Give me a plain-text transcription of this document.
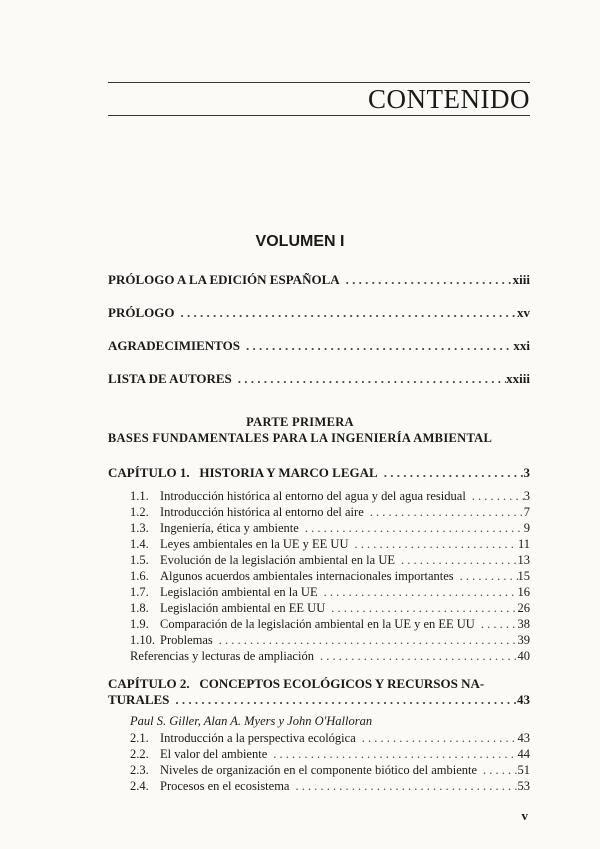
CONTENIDO
VOLUMEN I
PRÓLOGO A LA EDICIÓN ESPAÑOLA . . .	xiii
PRÓLOGO . . .	xv
AGRADECIMIENTOS . . .	xxi
LISTA DE AUTORES . . .	xxiii
PARTE PRIMERA
BASES FUNDAMENTALES PARA LA INGENIERÍA AMBIENTAL
CAPÍTULO 1. HISTORIA Y MARCO LEGAL . . .	3
1.1. Introducción histórica al entorno del agua y del agua residual . . .	3
1.2. Introducción histórica al entorno del aire . . .	7
1.3. Ingeniería, ética y ambiente . . .	9
1.4. Leyes ambientales en la UE y EE UU . . .	11
1.5. Evolución de la legislación ambiental en la UE . . .	13
1.6. Algunos acuerdos ambientales internacionales importantes . . .	15
1.7. Legislación ambiental en la UE . . .	16
1.8. Legislación ambiental en EE UU . . .	26
1.9. Comparación de la legislación ambiental en la UE y en EE UU . . .	38
1.10. Problemas . . .	39
Referencias y lecturas de ampliación . . .	40
CAPÍTULO 2. CONCEPTOS ECOLÓGICOS Y RECURSOS NA-
TURALES . . .	43
Paul S. Giller, Alan A. Myers y John O'Halloran
2.1. Introducción a la perspectiva ecológica . . .	43
2.2. El valor del ambiente . . .	44
2.3. Niveles de organización en el componente biótico del ambiente . . .	51
2.4. Procesos en el ecosistema . . .	53
v
